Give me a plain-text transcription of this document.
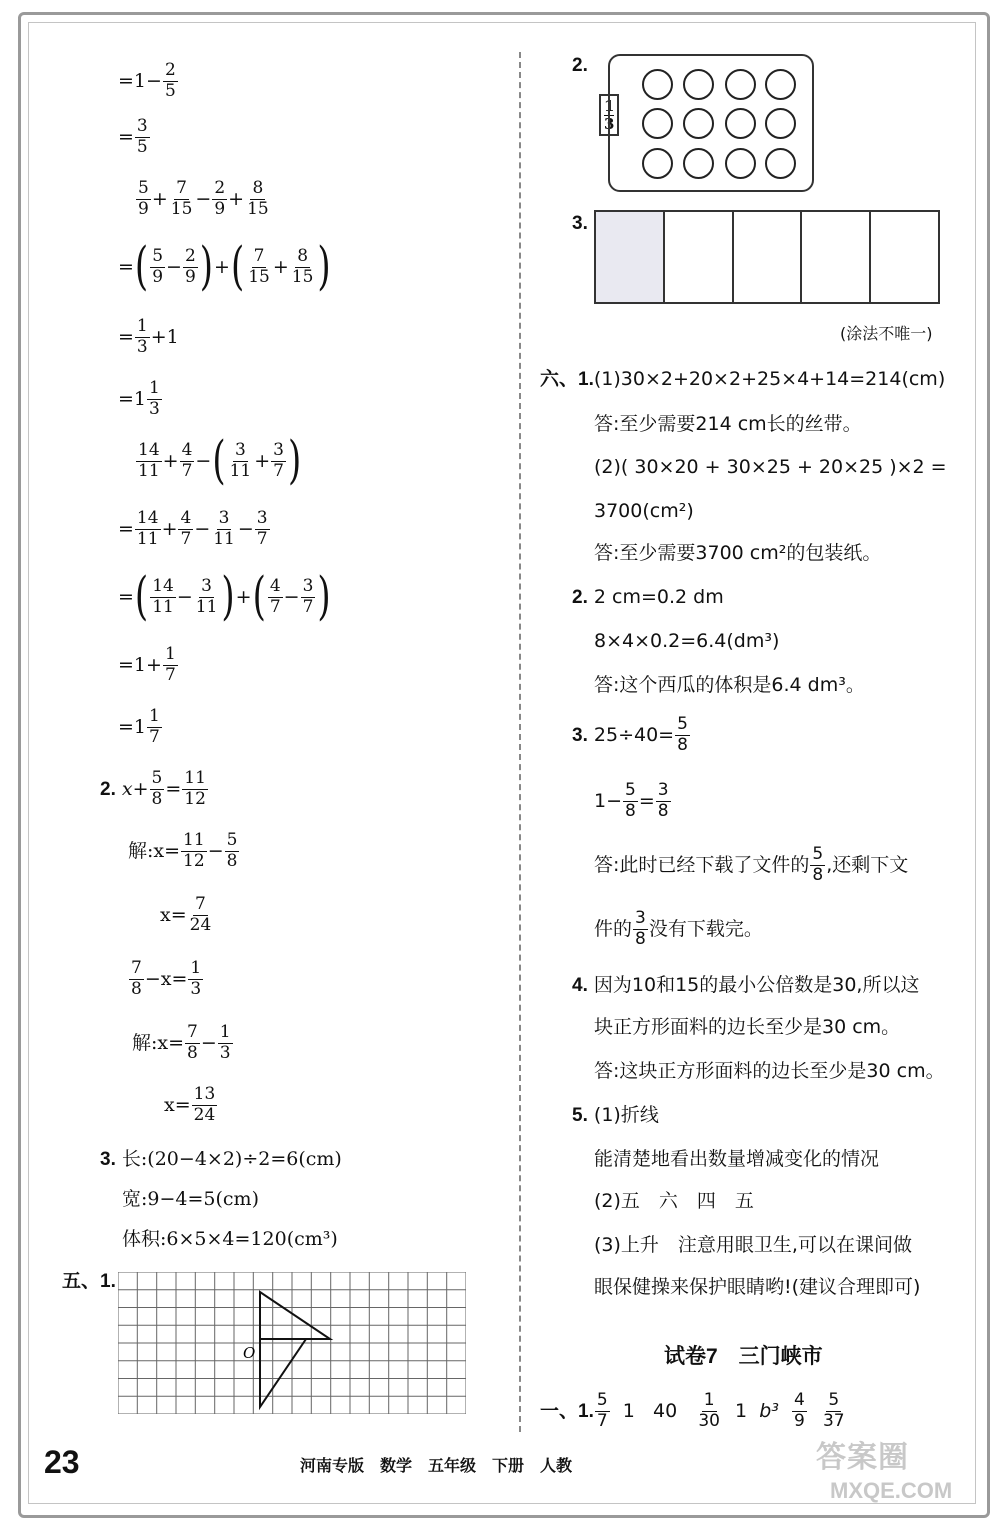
$=1- \frac{2}{5}$
= $\frac{3}{5}$
$\frac{5}{9} + \frac{7}{15} - \frac{2}{9} + \frac{8}{15}$
= ( $\frac{5}{9} - \frac{2}{9}$ ) + ( $\frac{7}{15} + \frac{8}{15}$ )
= $\frac{1}{3} +1$
$=1 \frac{1}{3}$
$\frac{14}{11} + \frac{4}{7}$ − ( $\frac{3}{11} + \frac{3}{7}$ )
= $\frac{14}{11} + \frac{4}{7} - \frac{3}{11} - \frac{3}{7}$
= ( $\frac{14}{11} - \frac{3}{11}$ ) + ( $\frac{4}{7} - \frac{3}{7}$ )
$=1+ \frac{1}{7}$
$=1 \frac{1}{7}$
2.
$x+ \frac{5}{8} = \frac{11}{12}$
解:x= $\frac{11}{12} - \frac{5}{8}$
$x= \frac{7}{24}$
$\frac{7}{8} -x= \frac{1}{3}$
解:x= $\frac{7}{8} - \frac{1}{3}$
$x= \frac{13}{24}$
3.
长:(20−4×2)÷2=6(cm)
宽:9−4=5(cm)
体积:6×5×4=120(cm³)
五、1.
O
2.
1
3
3.
(涂法不唯一)
六、1. (1)30×2+20×2+25×4+14=214(cm)
答:至少需要214 cm长的丝带。
(2)( 30×20 + 30×25 + 20×25 )×2 =
3700(cm²)
答:至少需要3700 cm²的包装纸。
2.
2 cm=0.2 dm
8×4×0.2=6.4(dm³)
答:这个西瓜的体积是6.4 dm³。
3.
$25\div 40= \frac{5}{8}$
$1- \frac{5}{8} = \frac{3}{8}$
答:此时已经下载了文件的 $\frac{5}{8}$ ,还剩下文
件的 $\frac{3}{8}$ 没有下载完。
4.
因为10和15的最小公倍数是30,所以这
块正方形面料的边长至少是30 cm。
答:这块正方形面料的边长至少是30 cm。
5.
(1)折线
能清楚地看出数量增减变化的情况
(2)五　六　四　五
(3)上升　注意用眼卫生,可以在课间做
眼保健操来保护眼睛哟!(建议合理即可)
试卷7　三门峡市
一、1. $\frac{5}{7}$
1
40
$\frac{1}{30}$
1
b³
$\frac{4}{9}$
$\frac{5}{37}$
23	河南专版　数学　五年级　下册　人教	答案圈
MXQE.COM
